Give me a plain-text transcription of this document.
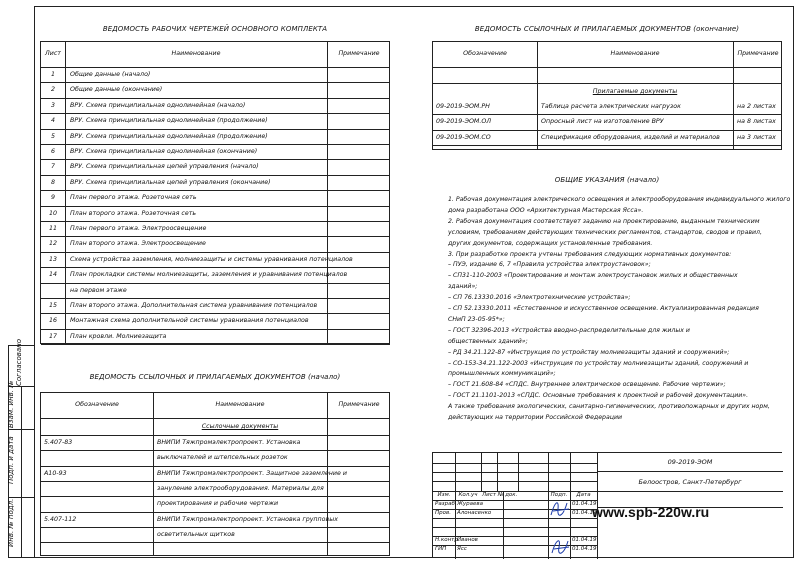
Согласовано
Взам. инв. №
Подп. и дата
Инв. № подл.
ВЕДОМОСТЬ РАБОЧИХ ЧЕРТЕЖЕЙ ОСНОВНОГО КОМПЛЕКТА
Лист	Наименование	Примечание
1	Общие данные (начало)
2	Общие данные (окончание)
3	ВРУ. Схема принципиальная однолинейная (начало)
4	ВРУ. Схема принципиальная однолинейная (продолжение)
5	ВРУ. Схема принципиальная однолинейная (продолжение)
6	ВРУ. Схема принципиальная однолинейная (окончание)
7	ВРУ. Схема принципиальная цепей управления (начало)
8	ВРУ. Схема принципиальная цепей управления (окончание)
9	План первого этажа. Розеточная сеть
10	План второго этажа. Розеточная сеть
11	План первого этажа. Электроосвещение
12	План второго этажа. Электроосвещение
13	Схема устройства заземления, молниезащиты и системы уравнивания потенциалов
14	План прокладки системы молниезащиты, заземления и уравнивания потенциалов
на первом этаже
15	План второго этажа. Дополнительная система уравнивания потенциалов
16	Монтажная схема дополнительной системы уравнивания потенциалов
17	План кровли. Молниезащита
ВЕДОМОСТЬ ССЫЛОЧНЫХ И ПРИЛАГАЕМЫХ ДОКУМЕНТОВ (начало)
Обозначение	Наименование	Примечание
Ссылочные документы
5.407-83	ВНИПИ Тяжпромэлектропроект. Установка
выключателей и штепсельных розеток
А10-93	ВНИПИ Тяжпромэлектропроект. Защитное заземление и
зануление электрооборудования. Материалы для
проектирования и рабочие чертежи
5.407-112	ВНИПИ Тяжпромэлектропроект. Установка групповых
осветительных щитков
ВЕДОМОСТЬ ССЫЛОЧНЫХ И ПРИЛАГАЕМЫХ ДОКУМЕНТОВ (окончание)
Обозначение	Наименование	Примечание
Прилагаемые документы
09-2019-ЭОМ.РН	Таблица расчета электрических нагрузок	на 2 листах
09-2019-ЭОМ.ОЛ	Опросный лист на изготовление ВРУ	на 8 листах
09-2019-ЭОМ.СО	Спецификация оборудования, изделий и материалов	на 3 листах
ОБЩИЕ УКАЗАНИЯ (начало)
1. Рабочая документация электрического освещения и электрооборудования индивидуального жилого
дома разработана ООО «Архитектурная Мастерская Ясса».
2. Рабочая документация соответствует заданию на проектирование, выданным техническим
условиям, требованиям действующих технических регламентов, стандартов, сводов и правил,
других документов, содержащих установленные требования.
3. При разработке проекта учтены требования следующих нормативных документов:
– ПУЭ, издание 6, 7 «Правила устройства электроустановок»;
– СП31-110-2003 «Проектирование и монтаж электроустановок жилых и общественных
зданий»;
– СП 76.13330.2016 «Электротехнические устройства»;
– СП 52.13330.2011 «Естественное и искусственное освещение. Актуализированная редакция
СНиП 23-05-95*»;
– ГОСТ 32396-2013 «Устройства вводно-распределительные для жилых и
общественных зданий»;
– РД 34.21.122-87 «Инструкция по устройству молниезащиты зданий и сооружений»;
– СО-153-34.21.122-2003 «Инструкция по устройству молниезащиты зданий, сооружений и
промышленных коммуникаций»;
– ГОСТ 21.608-84 «СПДС. Внутреннее электрическое освещение. Рабочие чертежи»;
– ГОСТ 21.1101-2013 «СПДС. Основные требования к проектной и рабочей документации».
А также требования экологических, санитарно-гигиенических, противопожарных и других норм,
действующих на территории Российской Федерации
Изм.	Кол.уч Лист № док.	Подп.	Дата
Разраб. Жураева	01.04.19
Пров. Алонасенко	01.04.19
Н.контр.
Иванов	01.04.19
ГИП Ясс	01.04.19
09-2019-ЭОМ
Белоостров, Санкт-Петербург
www.spb-220w.ru
